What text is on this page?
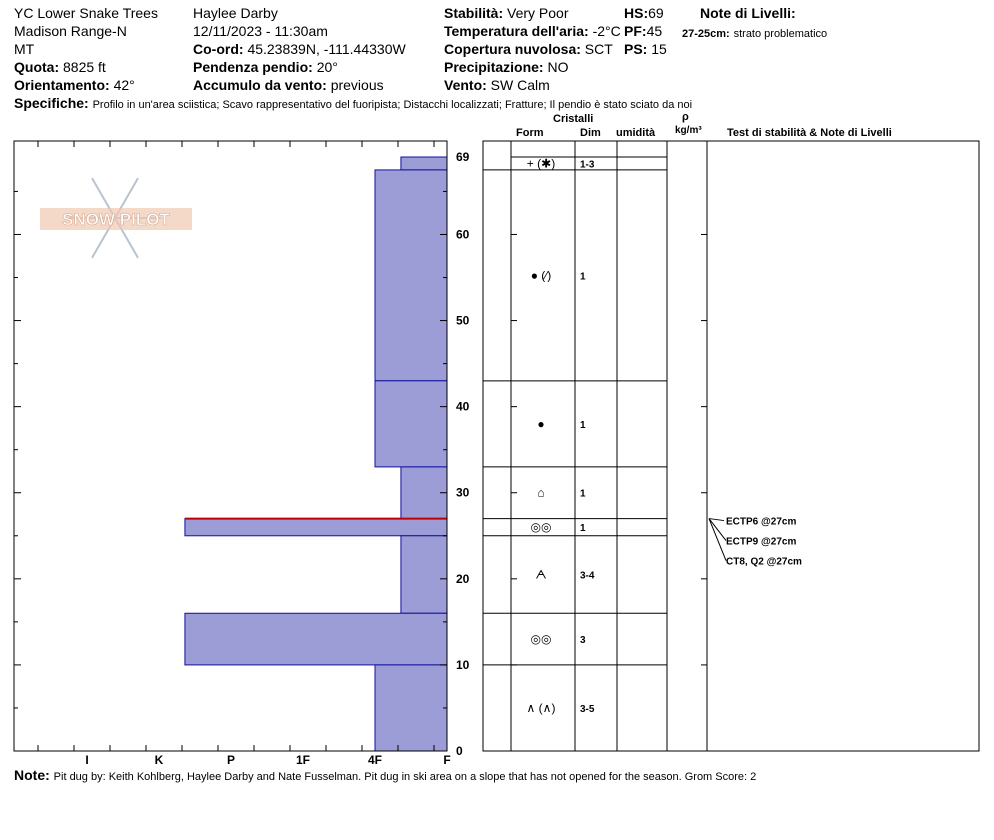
YC Lower Snake Trees
Madison Range-N
MT
Quota: 8825 ft
Orientamento: 42°
Haylee Darby
12/11/2023 - 11:30am
Co-ord: 45.23839N, -111.44330W
Pendenza pendio: 20°
Accumulo da vento: previous
Stabilità: Very Poor
Temperatura dell'aria: -2°C
Copertura nuvolosa: SCT
Precipitazione: NO
Vento: SW Calm
HS:69
PF:45
PS: 15
Note di Livelli:
27-25cm: strato problematico
Specifiche: Profilo in un'area sciistica; Scavo rappresentativo del fuoripista; Distacchi localizzati; Fratture; Il pendio è stato sciato da noi
Cristalli
Form	Dim umidità
ρ
kg/m³ Test di stabilità & Note di Livelli
SNOW PILOT
0
10
20
30
40
50
60
69
I	K	P	1F	4F	F
+ (✱) 1-3
● (⁄)	1
●	1
⌂	1
◎◎	1
ᗅ	3-4
◎◎	3
∧ (∧) 3-5
ECTP6 @27cm
ECTP9 @27cm
CT8, Q2 @27cm
Note: Pit dug by: Keith Kohlberg, Haylee Darby and Nate Fusselman. Pit dug in ski area on a slope that has not opened for the season. Grom Score: 2
